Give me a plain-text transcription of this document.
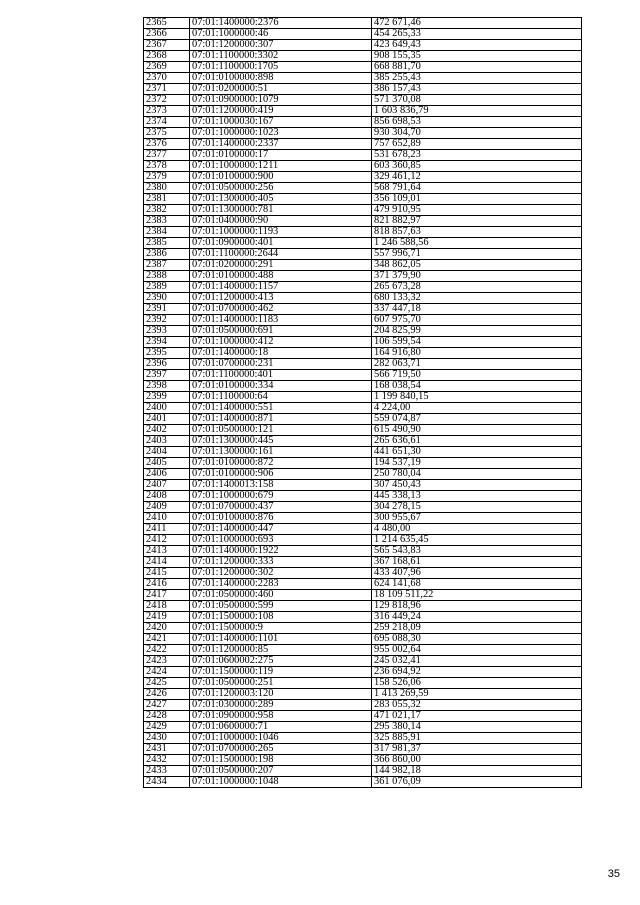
2365	07:01:1400000:2376	472 671,46
2366	07:01:1000000:46	454 265,33
2367	07:01:1200000:307	423 649,43
2368	07:01:1100000:3302	908 155,35
2369	07:01:1100000:1705	668 881,70
2370	07:01:0100000:898	385 255,43
2371	07:01:0200000:51	386 157,43
2372	07:01:0900000:1079	571 370,08
2373	07:01:1200000:419	1 603 836,79
2374	07:01:1000030:167	856 698,53
2375	07:01:1000000:1023	930 304,70
2376	07:01:1400000:2337	757 652,89
2377	07:01:0100000:17	531 678,23
2378	07:01:1000000:1211	603 360,85
2379	07:01:0100000:900	329 461,12
2380	07:01:0500000:256	568 791,64
2381	07:01:1300000:405	356 109,01
2382	07:01:1300000:781	479 910,95
2383	07:01:0400000:90	821 882,97
2384	07:01:1000000:1193	818 857,63
2385	07:01:0900000:401	1 246 588,56
2386	07:01:1100000:2644	557 996,71
2387	07:01:0200000:291	348 862,05
2388	07:01:0100000:488	371 379,90
2389	07:01:1400000:1157	265 673,28
2390	07:01:1200000:413	680 133,32
2391	07:01:0700000:462	337 447,18
2392	07:01:1400000:1183	607 975,70
2393	07:01:0500000:691	204 825,99
2394	07:01:1000000:412	106 599,54
2395	07:01:1400000:18	164 916,80
2396	07:01:0700000:231	282 063,71
2397	07:01:1100000:401	566 719,50
2398	07:01:0100000:334	168 038,54
2399	07:01:1100000:64	1 199 840,15
2400	07:01:1400000:551	4 224,00
2401	07:01:1400000:871	559 074,87
2402	07:01:0500000:121	615 490,90
2403	07:01:1300000:445	265 636,61
2404	07:01:1300000:161	441 651,30
2405	07:01:0100000:872	194 537,19
2406	07:01:0100000:906	250 780,04
2407	07:01:1400013:158	307 450,43
2408	07:01:1000000:679	445 338,13
2409	07:01:0700000:437	304 278,15
2410	07:01:0100000:876	300 955,67
2411	07:01:1400000:447	4 480,00
2412	07:01:1000000:693	1 214 635,45
2413	07:01:1400000:1922	565 543,83
2414	07:01:1200000:333	367 168,61
2415	07:01:1200000:302	433 407,96
2416	07:01:1400000:2283	624 141,68
2417	07:01:0500000:460	18 109 511,22
2418	07:01:0500000:599	129 818,96
2419	07:01:1500000:108	316 449,24
2420	07:01:1500000:9	259 218,09
2421	07:01:1400000:1101	695 088,30
2422	07:01:1200000:85	955 002,64
2423	07:01:0600002:275	245 032,41
2424	07:01:1500000:119	236 694,92
2425	07:01:0500000:251	158 526,06
2426	07:01:1200003:120	1 413 269,59
2427	07:01:0300000:289	283 055,32
2428	07:01:0900000:958	471 021,17
2429	07:01:0600000:71	295 380,14
2430	07:01:1000000:1046	325 885,91
2431	07:01:0700000:265	317 981,37
2432	07:01:1500000:198	366 860,00
2433	07:01:0500000:207	144 982,18
2434	07:01:1000000:1048	361 076,09
35
